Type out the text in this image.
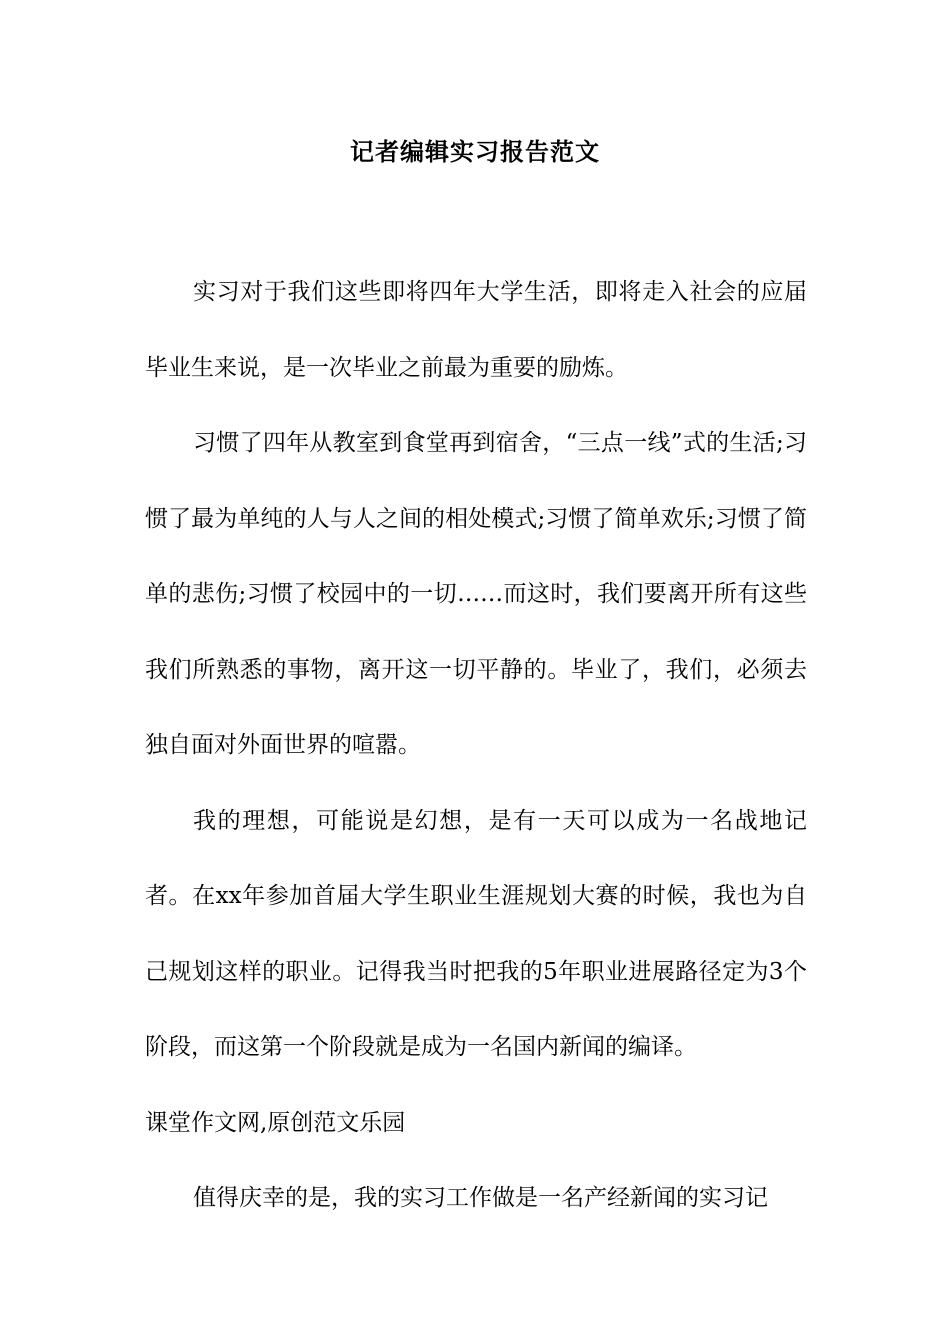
记者编辑实习报告范文

实习对于我们这些即将四年大学生活，即将走入社会的应届毕业生来说，是一次毕业之前最为重要的励炼。

习惯了四年从教室到食堂再到宿舍，“三点一线”式的生活;习惯了最为单纯的人与人之间的相处模式;习惯了简单欢乐;习惯了简单的悲伤;习惯了校园中的一切……而这时，我们要离开所有这些我们所熟悉的事物，离开这一切平静的。毕业了，我们，必须去独自面对外面世界的喧嚣。

我的理想，可能说是幻想，是有一天可以成为一名战地记者。在xx年参加首届大学生职业生涯规划大赛的时候，我也为自己规划这样的职业。记得我当时把我的5年职业进展路径定为3个阶段，而这第一个阶段就是成为一名国内新闻的编译。

课堂作文网,原创范文乐园

值得庆幸的是，我的实习工作做是一名产经新闻的实习记
